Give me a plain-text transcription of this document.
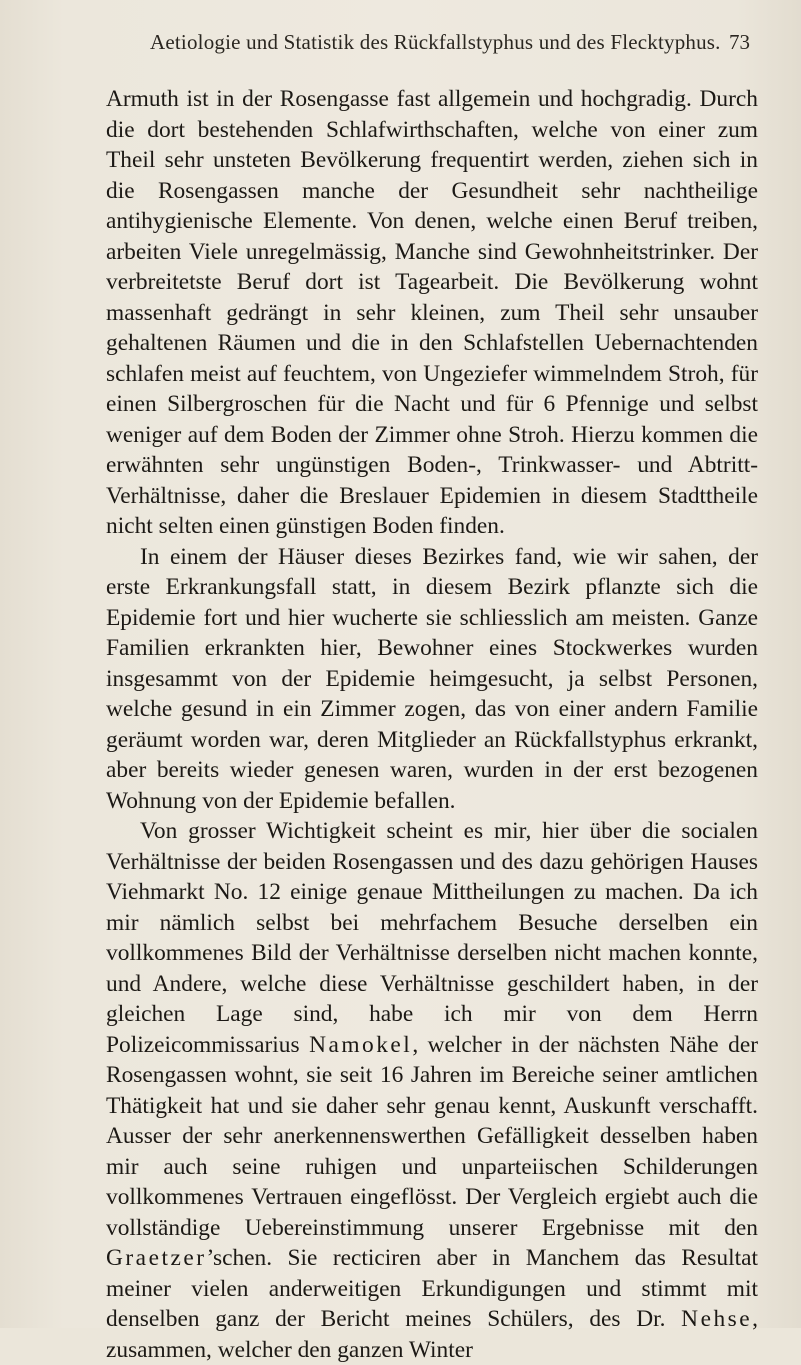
Aetiologie und Statistik des Rückfallstyphus und des Flecktyphus. 73

Armuth ist in der Rosengasse fast allgemein und hochgradig. Durch die dort bestehenden Schlafwirthschaften, welche von einer zum Theil sehr unsteten Bevölkerung frequentirt werden, ziehen sich in die Rosengassen manche der Gesundheit sehr nachtheilige antihygienische Elemente. Von denen, welche einen Beruf treiben, arbeiten Viele unregelmässig, Manche sind Gewohnheitstrinker. Der verbreitetste Beruf dort ist Tagearbeit. Die Bevölkerung wohnt massenhaft gedrängt in sehr kleinen, zum Theil sehr unsauber gehaltenen Räumen und die in den Schlafstellen Uebernachtenden schlafen meist auf feuchtem, von Ungeziefer wimmelndem Stroh, für einen Silbergroschen für die Nacht und für 6 Pfennige und selbst weniger auf dem Boden der Zimmer ohne Stroh. Hierzu kommen die erwähnten sehr ungünstigen Boden-, Trinkwasser- und Abtritt-Verhältnisse, daher die Breslauer Epidemien in diesem Stadttheile nicht selten einen günstigen Boden finden.

In einem der Häuser dieses Bezirkes fand, wie wir sahen, der erste Erkrankungsfall statt, in diesem Bezirk pflanzte sich die Epidemie fort und hier wucherte sie schliesslich am meisten. Ganze Familien erkrankten hier, Bewohner eines Stockwerkes wurden insgesammt von der Epidemie heimgesucht, ja selbst Personen, welche gesund in ein Zimmer zogen, das von einer andern Familie geräumt worden war, deren Mitglieder an Rückfallstyphus erkrankt, aber bereits wieder genesen waren, wurden in der erst bezogenen Wohnung von der Epidemie befallen.

Von grosser Wichtigkeit scheint es mir, hier über die socialen Verhältnisse der beiden Rosengassen und des dazu gehörigen Hauses Viehmarkt No. 12 einige genaue Mittheilungen zu machen. Da ich mir nämlich selbst bei mehrfachem Besuche derselben ein vollkommenes Bild der Verhältnisse derselben nicht machen konnte, und Andere, welche diese Verhältnisse geschildert haben, in der gleichen Lage sind, habe ich mir von dem Herrn Polizeicommissarius Namokel, welcher in der nächsten Nähe der Rosengassen wohnt, sie seit 16 Jahren im Bereiche seiner amtlichen Thätigkeit hat und sie daher sehr genau kennt, Auskunft verschafft. Ausser der sehr anerkennenswerthen Gefälligkeit desselben haben mir auch seine ruhigen und unparteiischen Schilderungen vollkommenes Vertrauen eingeflösst. Der Vergleich ergiebt auch die vollständige Uebereinstimmung unserer Ergebnisse mit den Graetzer’schen. Sie recticiren aber in Manchem das Resultat meiner vielen anderweitigen Erkundigungen und stimmt mit denselben ganz der Bericht meines Schülers, des Dr. Nehse, zusammen, welcher den ganzen Winter
